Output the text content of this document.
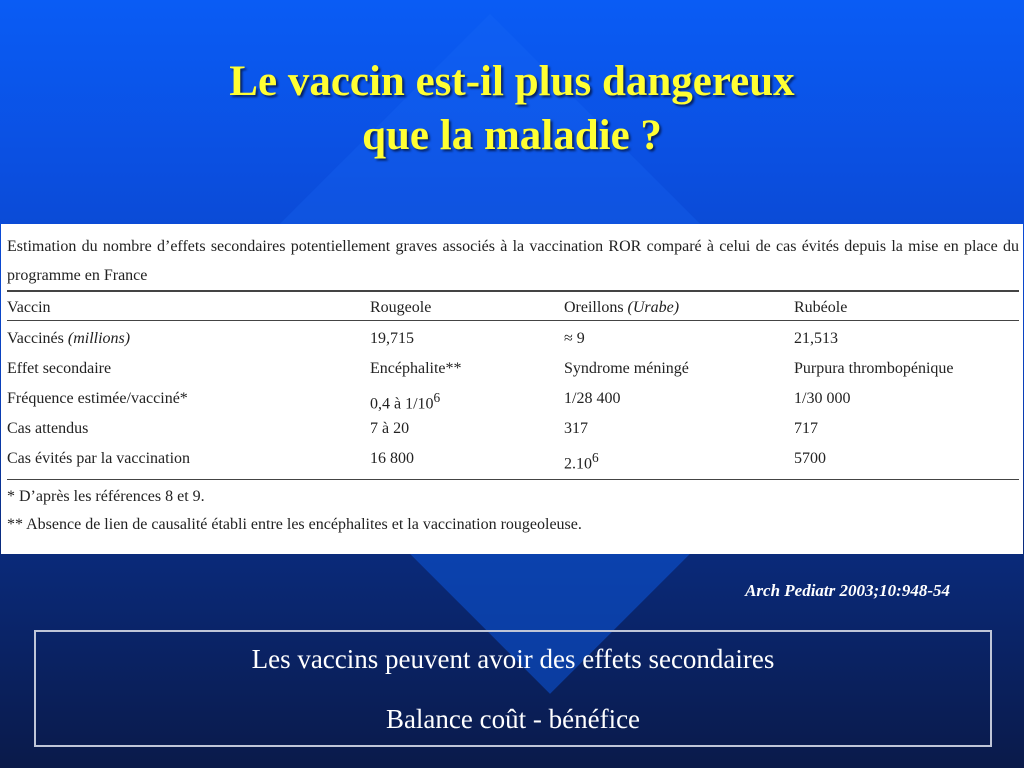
Le vaccin est-il plus dangereux
que la maladie ?
Estimation du nombre d’effets secondaires potentiellement graves associés à la vaccination ROR comparé à celui de cas évités depuis la mise en place du programme en France
Vaccin	Rougeole	Oreillons (Urabe)	Rubéole
Vaccinés (millions)	19,715	≈ 9	21,513
Effet secondaire	Encéphalite**	Syndrome méningé	Purpura thrombopénique
Fréquence estimée/vacciné*	0,4 à $1/10^6$	1/28 400	1/30 000
Cas attendus	7 à 20	317	717
Cas évités par la vaccination	16 800	2.10$^6$	5700
* D’après les références 8 et 9.
** Absence de lien de causalité établi entre les encéphalites et la vaccination rougeoleuse.
Arch Pediatr 2003;10:948-54
Les vaccins peuvent avoir des effets secondaires
Balance coût - bénéfice
